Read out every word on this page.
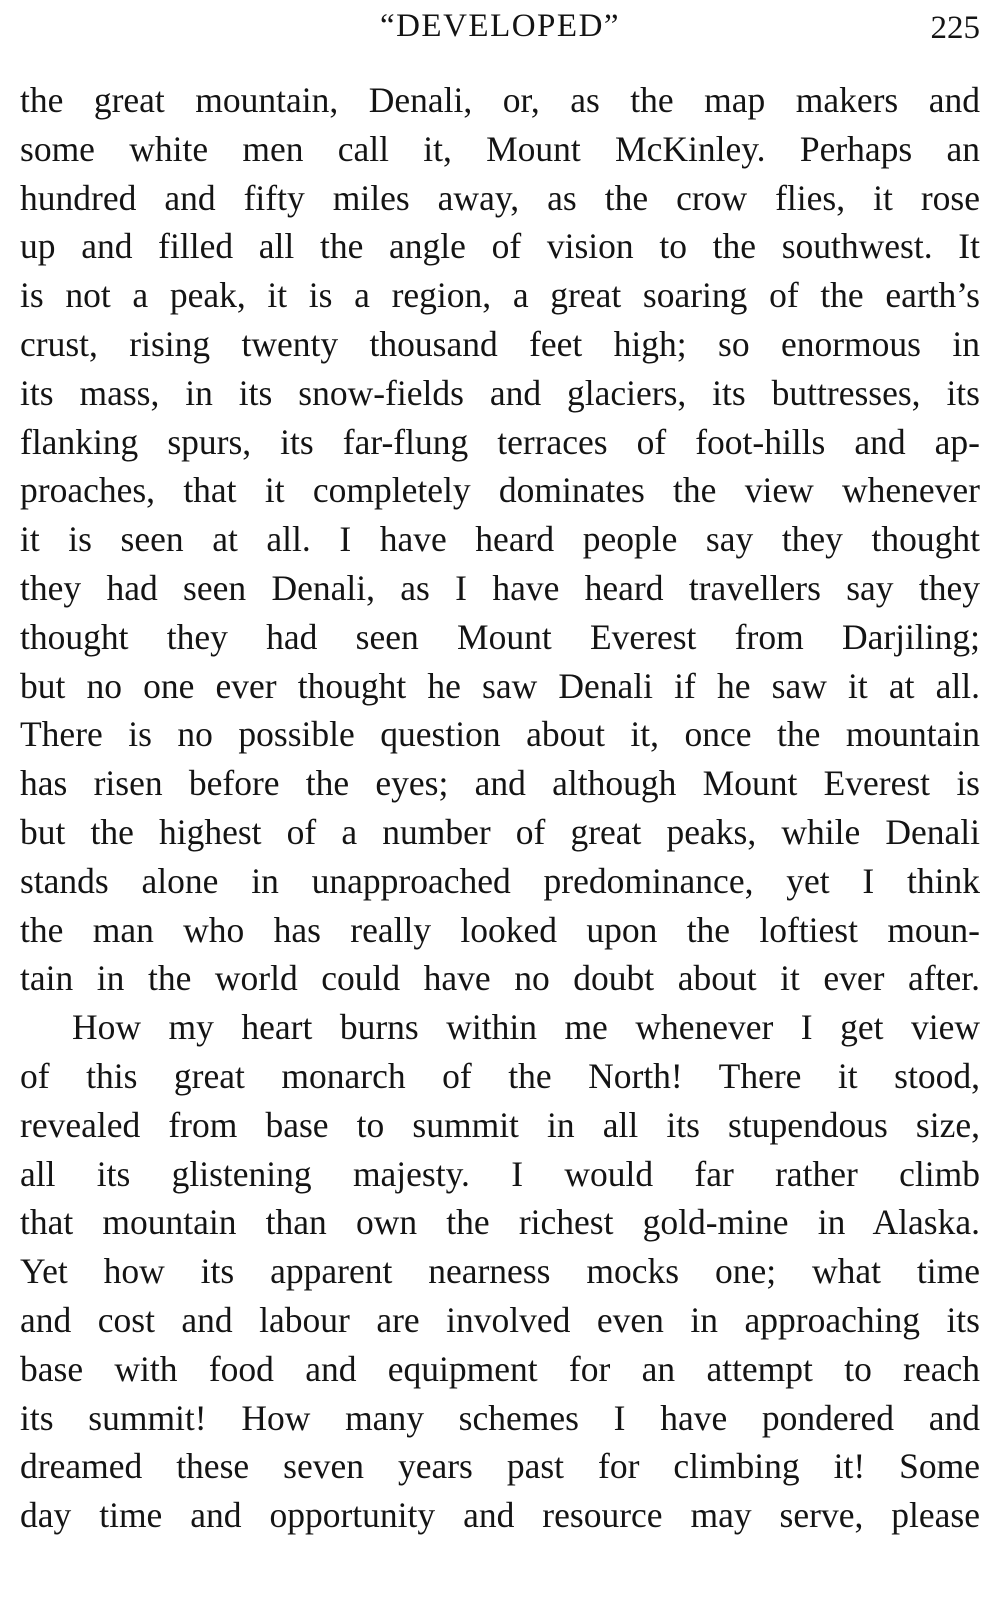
“DEVELOPED”	225
the great mountain, Denali, or, as the map makers and
some white men call it, Mount McKinley. Perhaps an
hundred and fifty miles away, as the crow flies, it rose
up and filled all the angle of vision to the southwest. It
is not a peak, it is a region, a great soaring of the earth’s
crust, rising twenty thousand feet high; so enormous in
its mass, in its snow-fields and glaciers, its buttresses, its
flanking spurs, its far-flung terraces of foot-hills and ap-
proaches, that it completely dominates the view whenever
it is seen at all. I have heard people say they thought
they had seen Denali, as I have heard travellers say they
thought they had seen Mount Everest from Darjiling;
but no one ever thought he saw Denali if he saw it at all.
There is no possible question about it, once the mountain
has risen before the eyes; and although Mount Everest is
but the highest of a number of great peaks, while Denali
stands alone in unapproached predominance, yet I think
the man who has really looked upon the loftiest moun-
tain in the world could have no doubt about it ever after.
How my heart burns within me whenever I get view
of this great monarch of the North! There it stood,
revealed from base to summit in all its stupendous size,
all its glistening majesty. I would far rather climb
that mountain than own the richest gold-mine in Alaska.
Yet how its apparent nearness mocks one; what time
and cost and labour are involved even in approaching its
base with food and equipment for an attempt to reach
its summit! How many schemes I have pondered and
dreamed these seven years past for climbing it! Some
day time and opportunity and resource may serve, please
